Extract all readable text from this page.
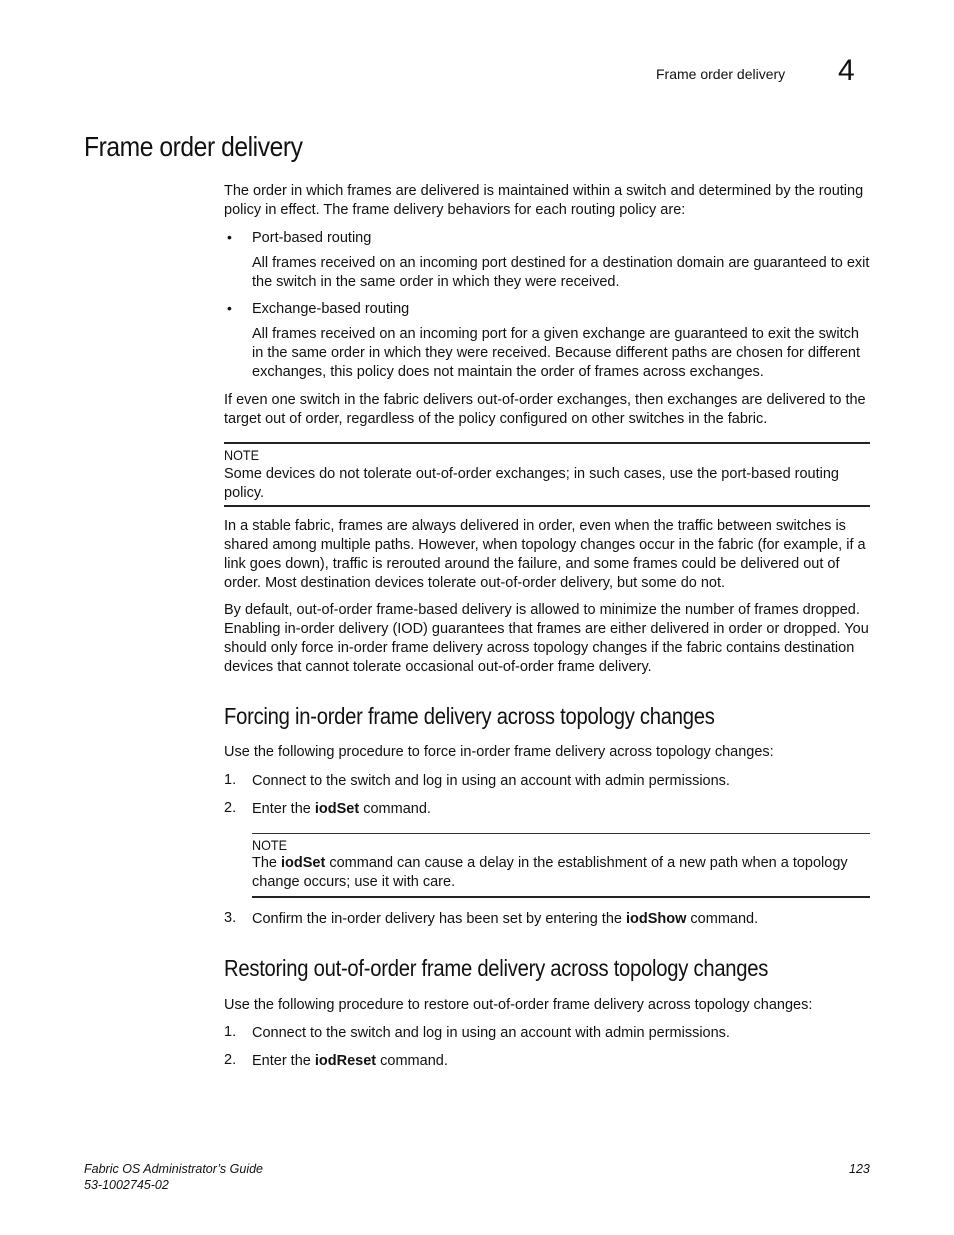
Frame order delivery 4
Frame order delivery

The order in which frames are delivered is maintained within a switch and determined by the routing policy in effect. The frame delivery behaviors for each routing policy are:

• Port-based routing

All frames received on an incoming port destined for a destination domain are guaranteed to exit the switch in the same order in which they were received.

• Exchange-based routing

All frames received on an incoming port for a given exchange are guaranteed to exit the switch in the same order in which they were received. Because different paths are chosen for different exchanges, this policy does not maintain the order of frames across exchanges.

If even one switch in the fabric delivers out-of-order exchanges, then exchanges are delivered to the target out of order, regardless of the policy configured on other switches in the fabric.

NOTE

Some devices do not tolerate out-of-order exchanges; in such cases, use the port-based routing policy.

In a stable fabric, frames are always delivered in order, even when the traffic between switches is shared among multiple paths. However, when topology changes occur in the fabric (for example, if a link goes down), traffic is rerouted around the failure, and some frames could be delivered out of order. Most destination devices tolerate out-of-order delivery, but some do not.

By default, out-of-order frame-based delivery is allowed to minimize the number of frames dropped. Enabling in-order delivery (IOD) guarantees that frames are either delivered in order or dropped. You should only force in-order frame delivery across topology changes if the fabric contains destination devices that cannot tolerate occasional out-of-order frame delivery.

Forcing in-order frame delivery across topology changes

Use the following procedure to force in-order frame delivery across topology changes:

1. Connect to the switch and log in using an account with admin permissions.

2. Enter the iodSet command.

NOTE

The iodSet command can cause a delay in the establishment of a new path when a topology change occurs; use it with care.

3. Confirm the in-order delivery has been set by entering the iodShow command.

Restoring out-of-order frame delivery across topology changes

Use the following procedure to restore out-of-order frame delivery across topology changes:

1. Connect to the switch and log in using an account with admin permissions.

2. Enter the iodReset command.

Fabric OS Administrator’s Guide
53-1002745-02
123
